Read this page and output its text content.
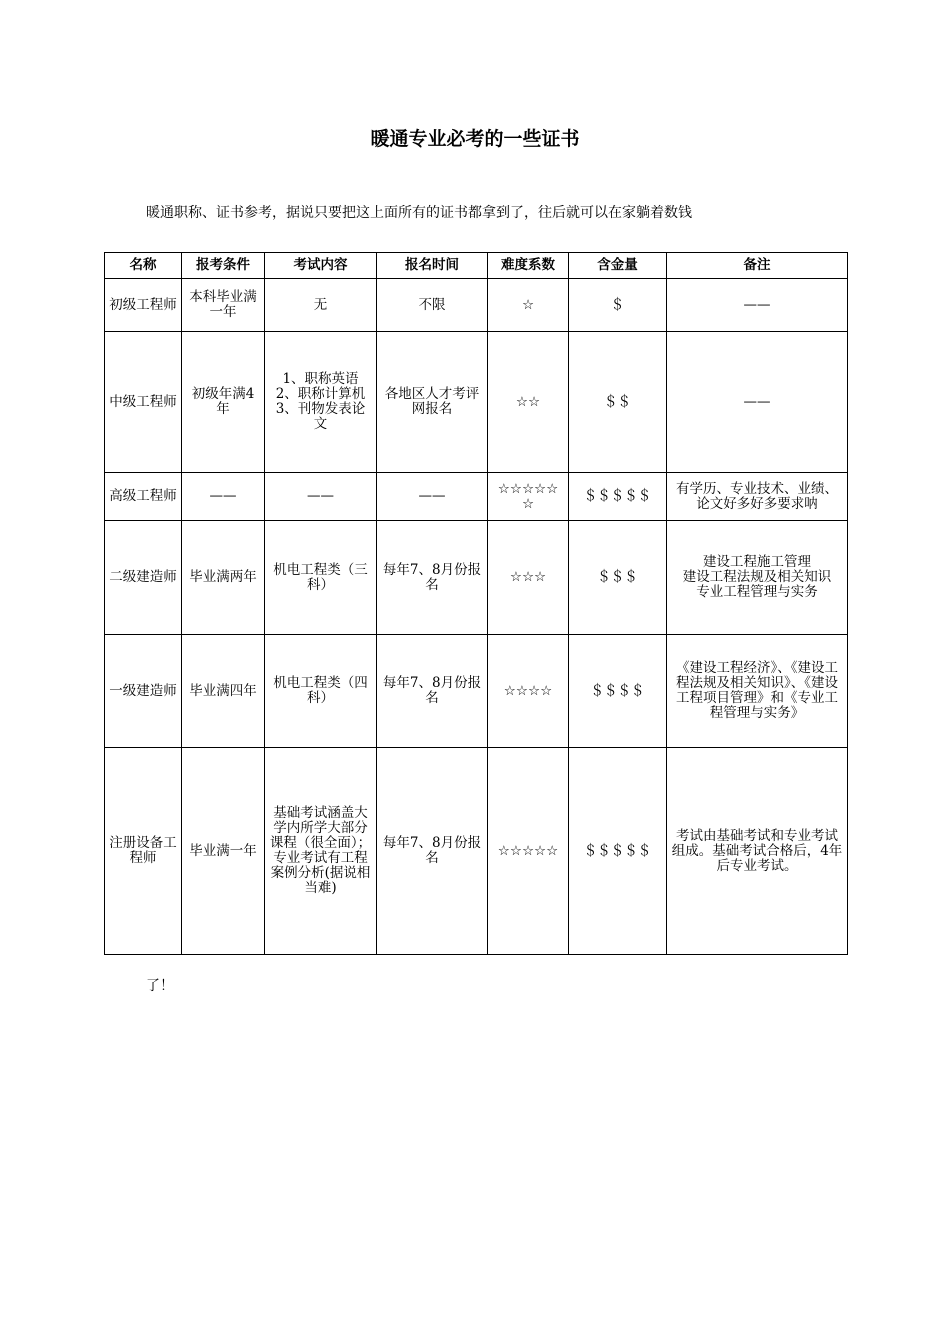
暖通专业必考的一些证书
暖通职称、证书参考，据说只要把这上面所有的证书都拿到了，往后就可以在家躺着数钱
名称	报考条件	考试内容	报名时间	难度系数	含金量	备注
初级工程师	本科毕业满一年	无	不限	☆	＄	——

中级工程师	初级年满4年	1、职称英语
2、职称计算机
3、刊物发表论文	各地区人才考评网报名	☆☆	＄＄	——

高级工程师	——	——	——	☆☆☆☆☆☆	＄＄＄＄＄	有学历、专业技术、业绩、论文好多好多要求呐

二级建造师	毕业满两年	机电工程类（三科）	每年7、8月份报名	☆☆☆	＄＄＄	建设工程施工管理
建设工程法规及相关知识
专业工程管理与实务

一级建造师	毕业满四年	机电工程类（四科）	每年7、8月份报名	☆☆☆☆	＄＄＄＄	《建设工程经济》、《建设工程法规及相关知识》、《建设工程项目管理》和《专业工程管理与实务》

注册设备工程师	毕业满一年	基础考试涵盖大学内所学大部分课程（很全面）；
专业考试有工程案例分析(据说相当难)	每年7、8月份报名	☆☆☆☆☆	＄＄＄＄＄	考试由基础考试和专业考试组成。基础考试合格后，4年后专业考试。
了！
